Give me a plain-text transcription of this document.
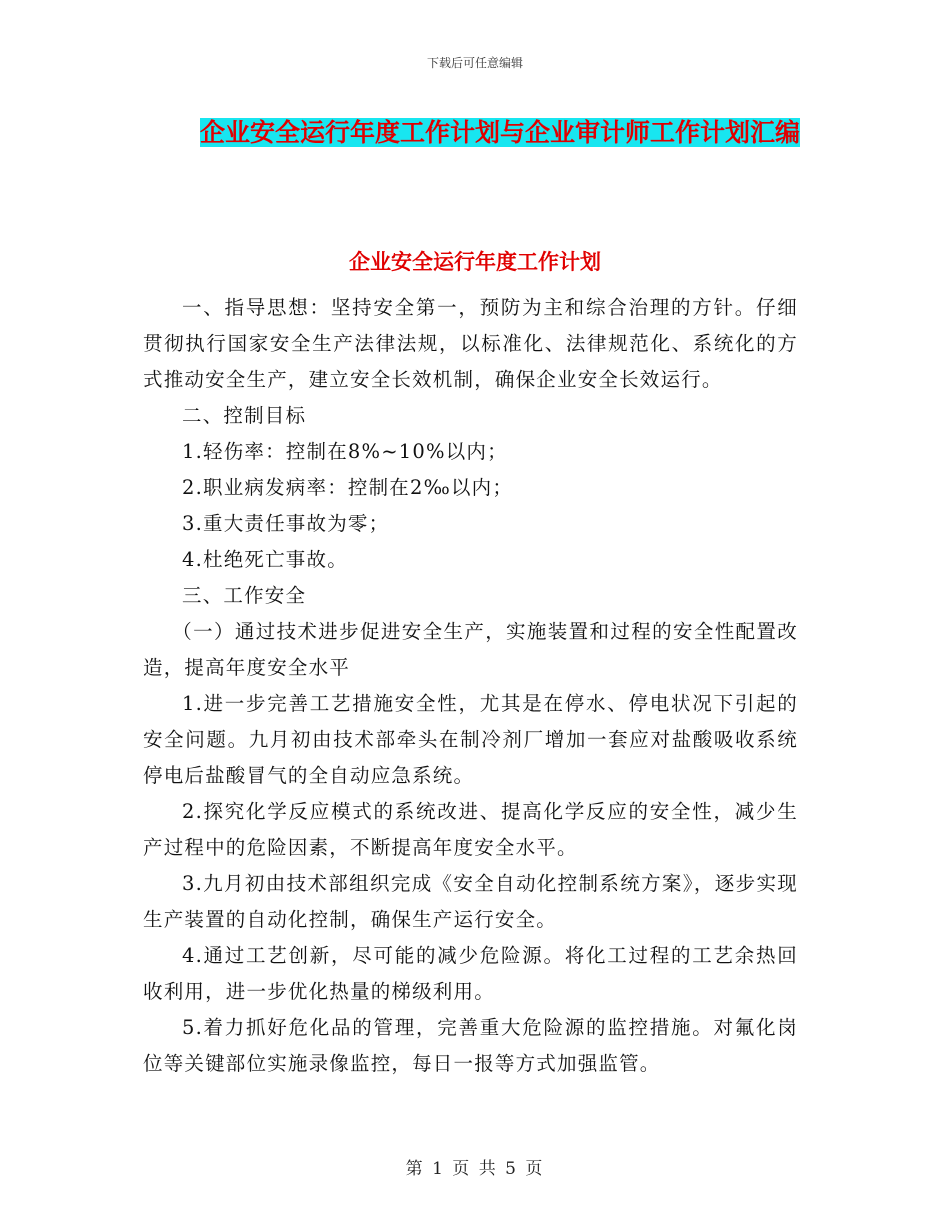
下载后可任意编辑
企业安全运行年度工作计划与企业审计师工作计划汇编
企业安全运行年度工作计划

一、指导思想：坚持安全第一，预防为主和综合治理的方针。仔细贯彻执行国家安全生产法律法规，以标准化、法律规范化、系统化的方式推动安全生产，建立安全长效机制，确保企业安全长效运行。

二、控制目标

1.轻伤率：控制在8%~10%以内；

2.职业病发病率：控制在2‰以内；

3.重大责任事故为零；

4.杜绝死亡事故。

三、工作安全

（一）通过技术进步促进安全生产，实施装置和过程的安全性配置改造，提高年度安全水平

1.进一步完善工艺措施安全性，尤其是在停水、停电状况下引起的安全问题。九月初由技术部牵头在制冷剂厂增加一套应对盐酸吸收系统停电后盐酸冒气的全自动应急系统。

2.探究化学反应模式的系统改进、提高化学反应的安全性，减少生产过程中的危险因素，不断提高年度安全水平。

3.九月初由技术部组织完成《安全自动化控制系统方案》，逐步实现生产装置的自动化控制，确保生产运行安全。

4.通过工艺创新，尽可能的减少危险源。将化工过程的工艺余热回收利用，进一步优化热量的梯级利用。

5.着力抓好危化品的管理，完善重大危险源的监控措施。对氟化岗位等关键部位实施录像监控，每日一报等方式加强监管。

第 1 页 共 5 页
